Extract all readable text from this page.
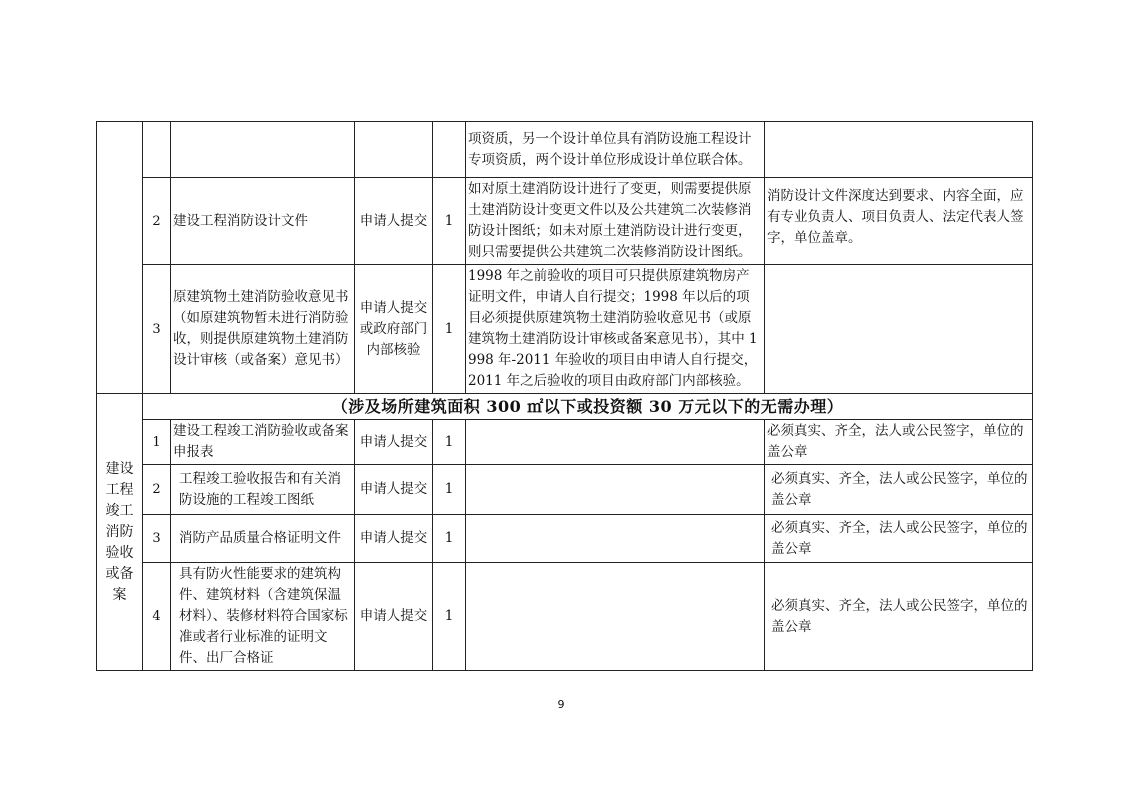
					项资质，另一个设计单位具有消防设施工程设计专项资质，两个设计单位形成设计单位联合体。	
	2	建设工程消防设计文件	申请人提交	1	如对原土建消防设计进行了变更，则需要提供原土建消防设计变更文件以及公共建筑二次装修消防设计图纸；如未对原土建消防设计进行变更，则只需要提供公共建筑二次装修消防设计图纸。	消防设计文件深度达到要求、内容全面，应有专业负责人、项目负责人、法定代表人签字，单位盖章。
	3	原建筑物土建消防验收意见书（如原建筑物暂未进行消防验收，则提供原建筑物土建消防设计审核（或备案）意见书）	申请人提交或政府部门内部核验	1	1998 年之前验收的项目可只提供原建筑物房产证明文件，申请人自行提交；1998 年以后的项目必须提供原建筑物土建消防验收意见书（或原建筑物土建消防设计审核或备案意见书），其中 1998 年-2011 年验收的项目由申请人自行提交，2011 年之后验收的项目由政府部门内部核验。	
建设工程竣工消防验收或备案	（涉及场所建筑面积 300 ㎡以下或投资额 30 万元以下的无需办理）					
	1	建设工程竣工消防验收或备案申报表	申请人提交	1		必须真实、齐全，法人或公民签字，单位的盖公章
	2	工程竣工验收报告和有关消防设施的工程竣工图纸	申请人提交	1		必须真实、齐全，法人或公民签字，单位的盖公章
	3	消防产品质量合格证明文件	申请人提交	1		必须真实、齐全，法人或公民签字，单位的盖公章
	4	具有防火性能要求的建筑构件、建筑材料（含建筑保温材料）、装修材料符合国家标准或者行业标准的证明文件、出厂合格证	申请人提交	1		必须真实、齐全，法人或公民签字，单位的盖公章
9
